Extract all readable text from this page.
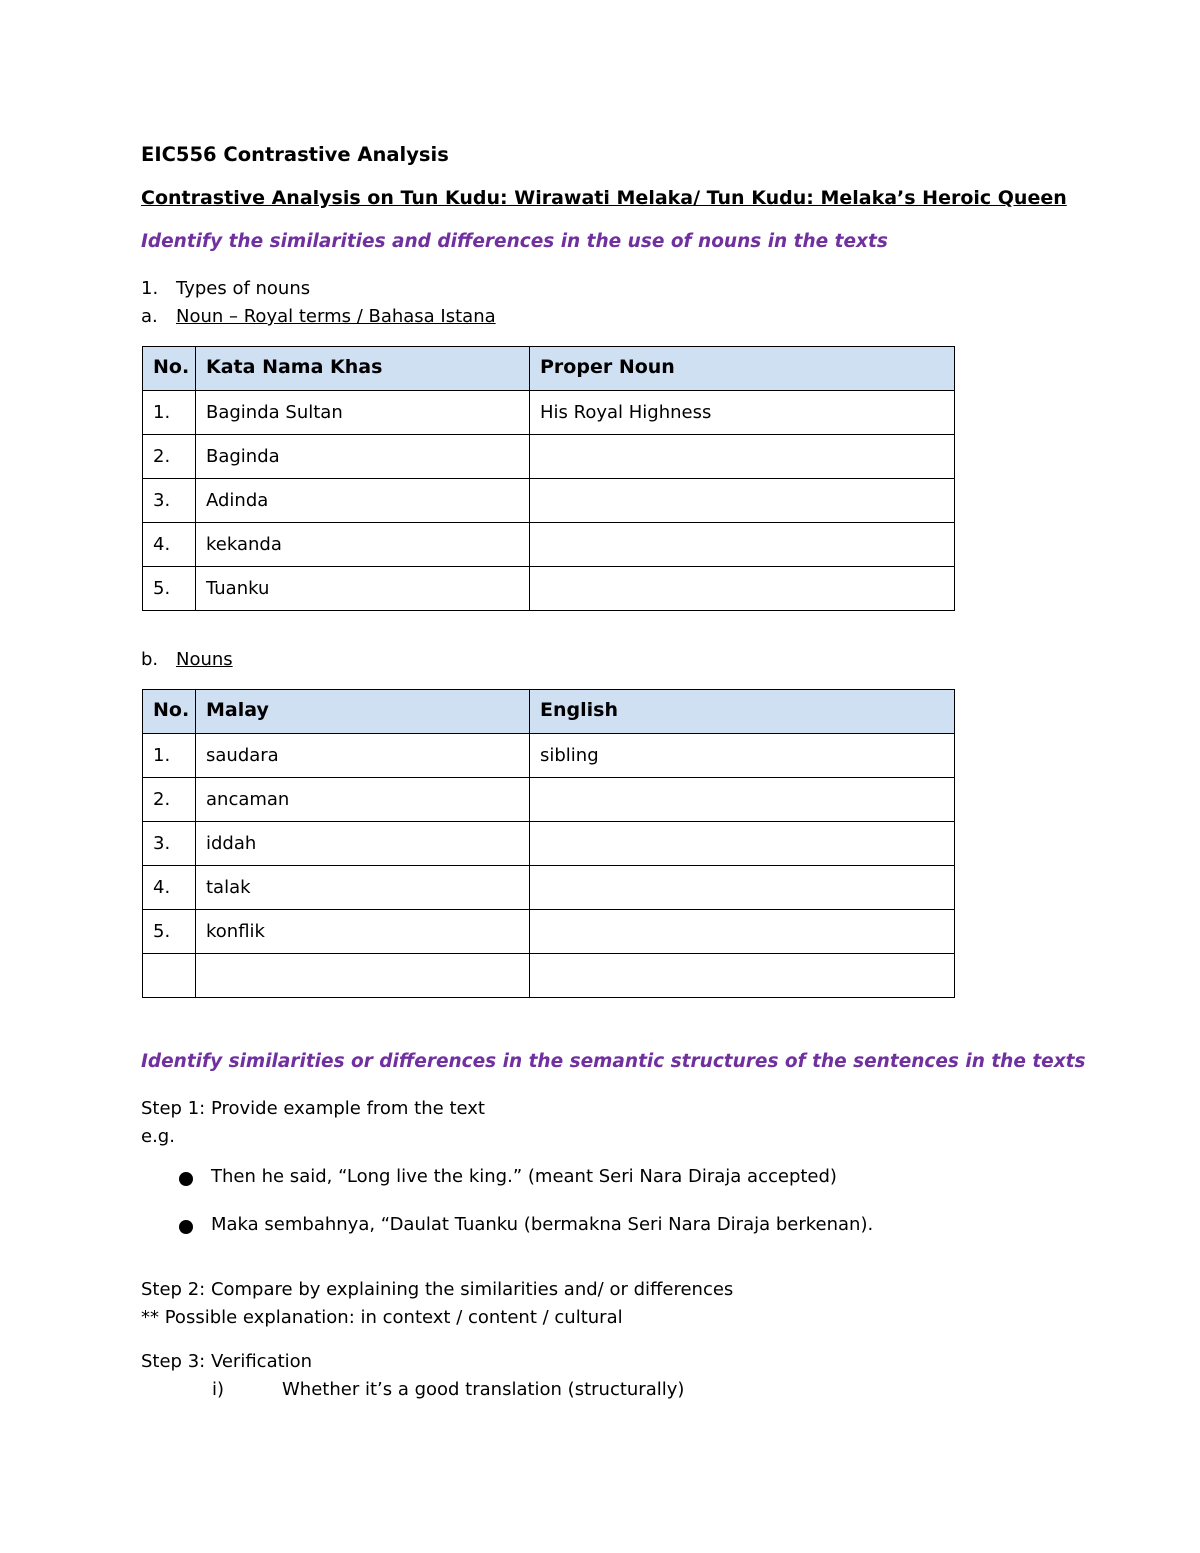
EIC556 Contrastive Analysis
Contrastive Analysis on Tun Kudu: Wirawati Melaka/ Tun Kudu: Melaka’s Heroic Queen
Identify the similarities and differences in the use of nouns in the texts
1. Types of nouns
a. Noun – Royal terms / Bahasa Istana
No.	Kata Nama Khas	Proper Noun
1.	Baginda Sultan	His Royal Highness
2.	Baginda	
3.	Adinda	
4.	kekanda	
5.	Tuanku	
b. Nouns
No.	Malay	English
1.	saudara	sibling
2.	ancaman	
3.	iddah	
4.	talak	
5.	konflik	

Identify similarities or differences in the semantic structures of the sentences in the texts
Step 1: Provide example from the text
e.g.
Then he said, “Long live the king.” (meant Seri Nara Diraja accepted)
Maka sembahnya, “Daulat Tuanku (bermakna Seri Nara Diraja berkenan).
Step 2: Compare by explaining the similarities and/ or differences
** Possible explanation: in context / content / cultural
Step 3: Verification
i)	Whether it’s a good translation (structurally)
